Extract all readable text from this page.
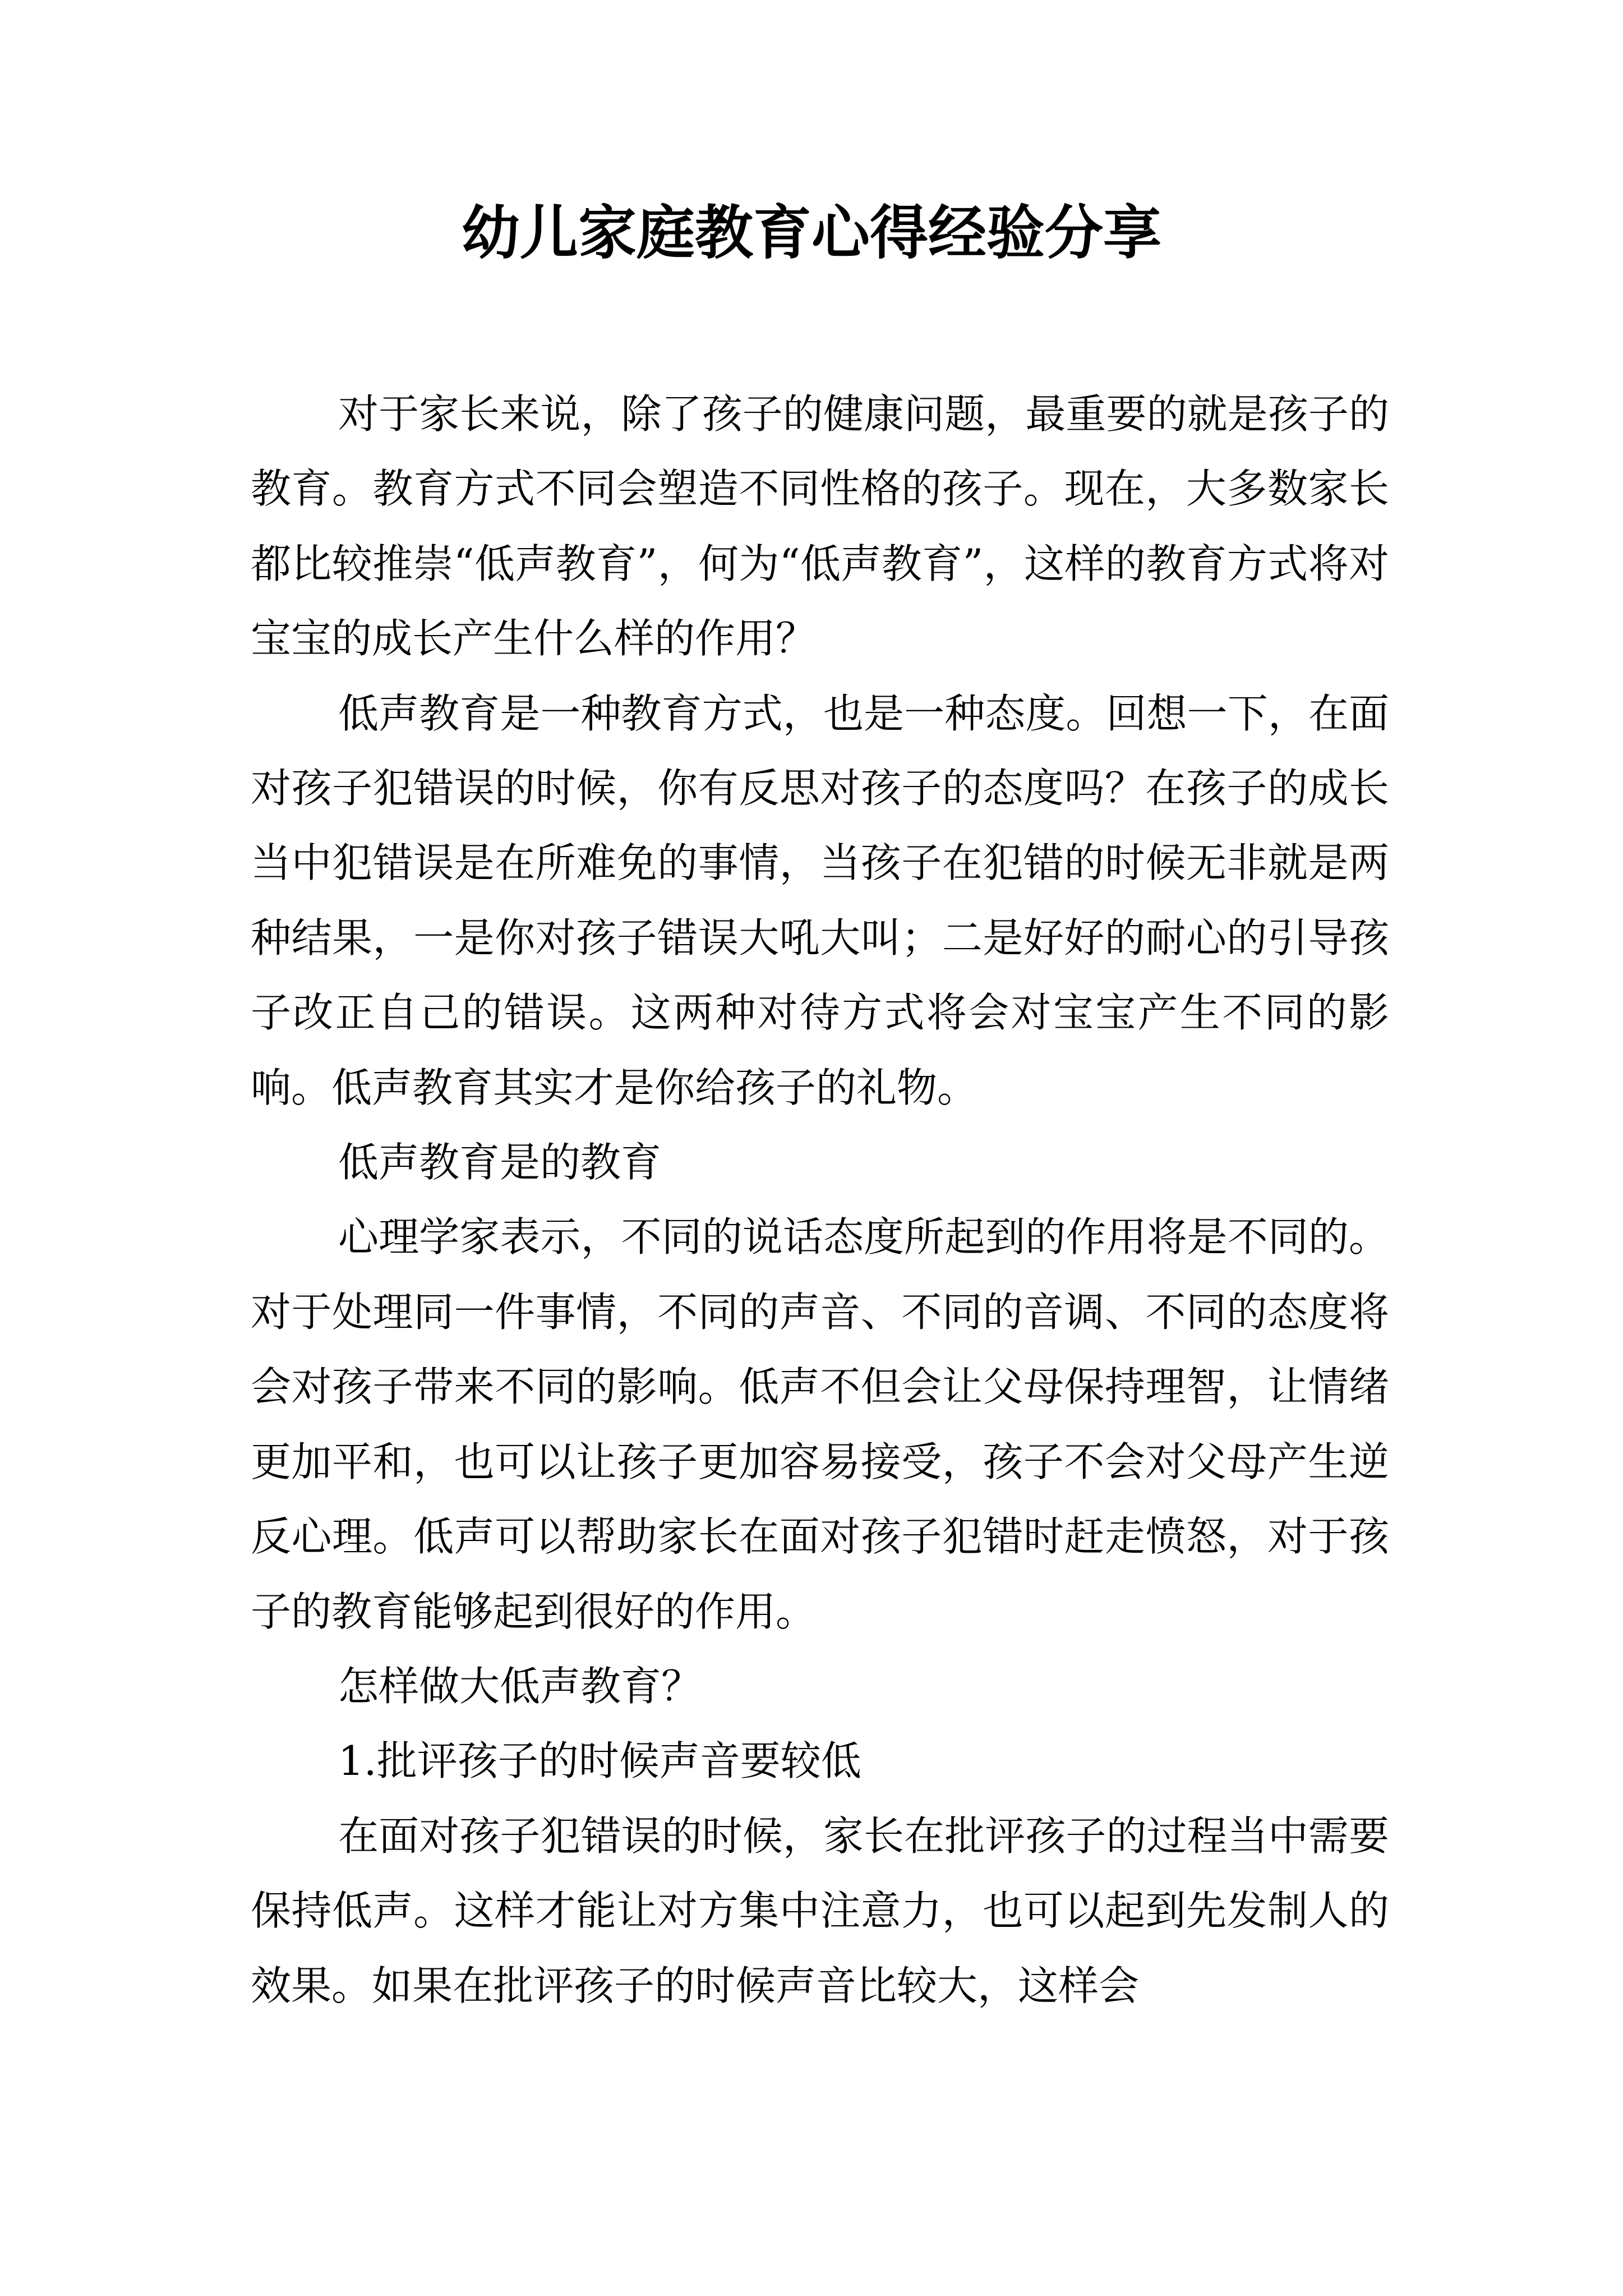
幼儿家庭教育心得经验分享

对于家长来说，除了孩子的健康问题，最重要的就是孩子的教育。教育方式不同会塑造不同性格的孩子。现在，大多数家长都比较推崇“低声教育”，何为“低声教育”，这样的教育方式将对宝宝的成长产生什么样的作用？

低声教育是一种教育方式，也是一种态度。回想一下，在面对孩子犯错误的时候，你有反思对孩子的态度吗？在孩子的成长当中犯错误是在所难免的事情，当孩子在犯错的时候无非就是两种结果，一是你对孩子错误大吼大叫；二是好好的耐心的引导孩子改正自己的错误。这两种对待方式将会对宝宝产生不同的影响。低声教育其实才是你给孩子的礼物。

低声教育是的教育

心理学家表示，不同的说话态度所起到的作用将是不同的。对于处理同一件事情，不同的声音、不同的音调、不同的态度将会对孩子带来不同的影响。低声不但会让父母保持理智，让情绪更加平和，也可以让孩子更加容易接受，孩子不会对父母产生逆反心理。低声可以帮助家长在面对孩子犯错时赶走愤怒，对于孩子的教育能够起到很好的作用。

怎样做大低声教育？

1.批评孩子的时候声音要较低

在面对孩子犯错误的时候，家长在批评孩子的过程当中需要保持低声。这样才能让对方集中注意力，也可以起到先发制人的效果。如果在批评孩子的时候声音比较大，这样会
